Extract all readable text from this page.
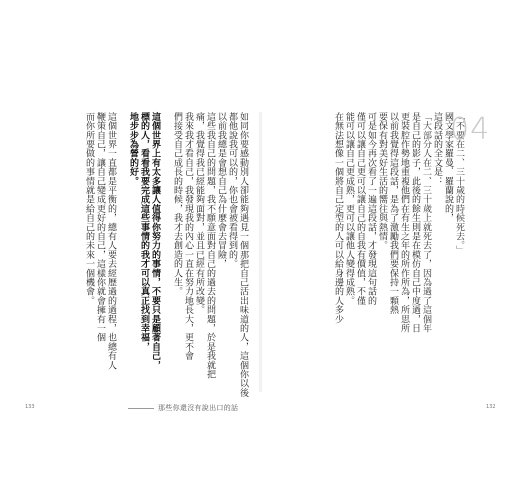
如同你要感動別人卻能夠遇見一個那把自己活出味道的人，這個你以後
都他說我可以的，你也會被看得到的。
以前我總是會想自己為什麼會去冒險，
這些我自己的問題，我不願意面對自己的過去的問題，於是我就把
痛，我覺得我已經能夠面對，並且已經有所改變。
我來我才看自己，我發現我的內心一直在努力地長大，更不會
們接受自己成長的時候，我才去創造的人生。
這個世界上有太多讓人值得你努力的事情，不要只是顧著自己，
標的人，看看我要完成這些事情的我才可以真正找到幸福，
地步步為營的好。
這個世界一直都是平衡的，總有人要去經歷過的過程，也總有人
鞭策自己，讓自己變成更好的自己，這樣你就會擁有一個
而你所要做的事情就是給自己的未來一個機會。	「不要在二、三十歲的時候死去。」
國文學家羅曼．羅蘭說的，
這段話的全文是：
「大部分人在二、三十歲上就死去了，因為過了這個年
是自己的影子，此後的餘生則是在模仿自己中度過，日
更裝腔作勢地重複他們在有生之年的所作所為，所思所
以前我覺得這段話，是為了激勵我們要保持一顆熱
要保有對美好生活的嚮往與熱情。
可是如今再次看了一遍這段話，才發現這句話的
僅可以讓自己更可以讓自己的自我有價值，不僅
能可以讓自己更成熟，更可以讓他人變得成熟。
在無法想像一個將自己定型的人可以給身邊的人多少	04
133	132
那些你還沒有說出口的話
